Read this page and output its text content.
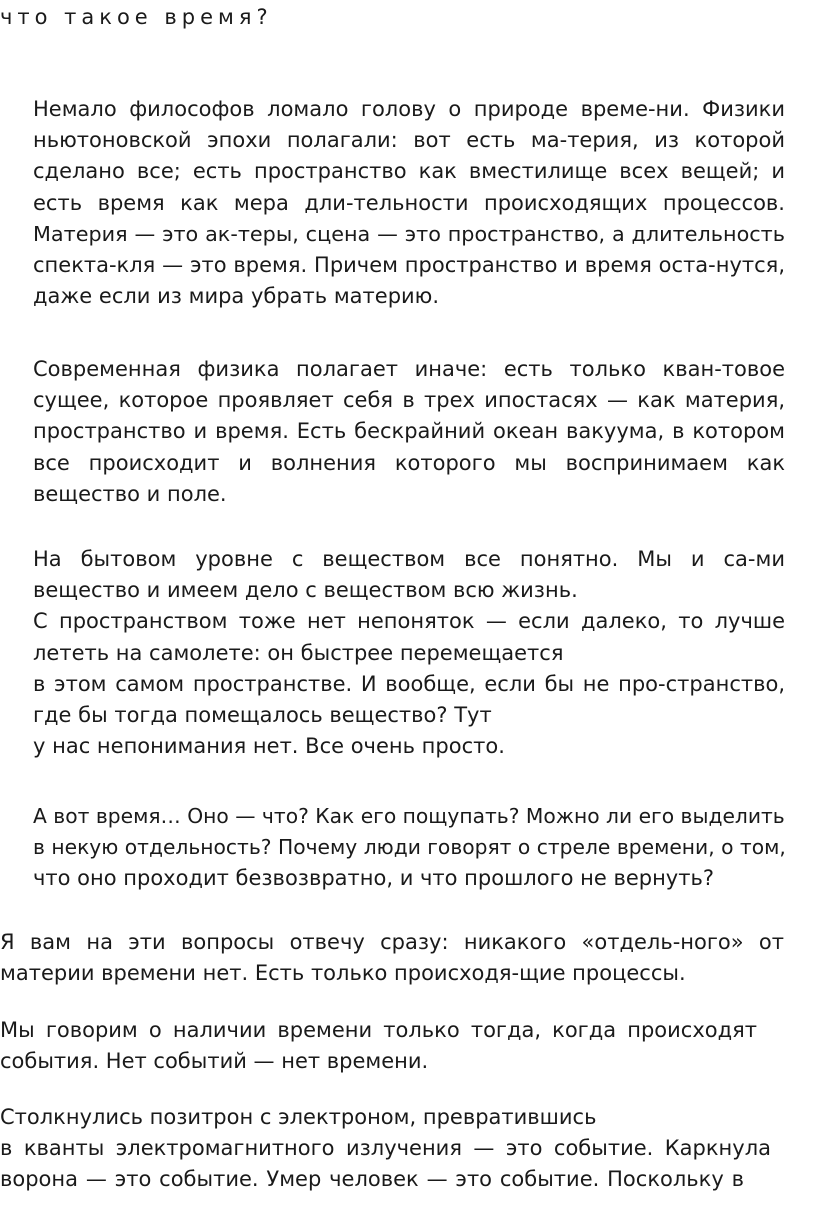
что такое время?
Немало философов ломало голову о природе време-ни. Физики
ньютоновской эпохи полагали: вот есть ма-терия, из которой
сделано все; есть пространство как вместилище всех вещей; и
есть время как мера дли-тельности происходящих процессов.
Материя — это ак-теры, сцена — это пространство, а длительность
спекта-кля — это время. Причем пространство и время оста-нутся,
даже если из мира убрать материю.
Современная физика полагает иначе: есть только кван-товое
сущее, которое проявляет себя в трех ипостасях — как материя,
пространство и время. Есть бескрайний океан вакуума, в котором
все происходит и волнения которого мы воспринимаем как
вещество и поле.
На бытовом уровне с веществом все понятно. Мы и са-ми
вещество и имеем дело с веществом всю жизнь.
С пространством тоже нет непоняток — если далеко, то лучше
лететь на самолете: он быстрее перемещается
в этом самом пространстве. И вообще, если бы не про-странство,
где бы тогда помещалось вещество? Тут
у нас непонимания нет. Все очень просто.
А вот время… Оно — что? Как его пощупать? Можно ли его выделить
в некую отдельность? Почему люди говорят о стреле времени, о том,
что оно проходит безвозвратно, и что прошлого не вернуть?
Я вам на эти вопросы отвечу сразу: никакого «отдель-ного» от
материи времени нет. Есть только происходя-щие процессы.
Мы говорим о наличии времени только тогда, когда происходят
события. Нет событий — нет времени.
Столкнулись позитрон с электроном, превратившись
в кванты электромагнитного излучения — это событие. Каркнула
ворона — это событие. Умер человек — это событие. Поскольку в
